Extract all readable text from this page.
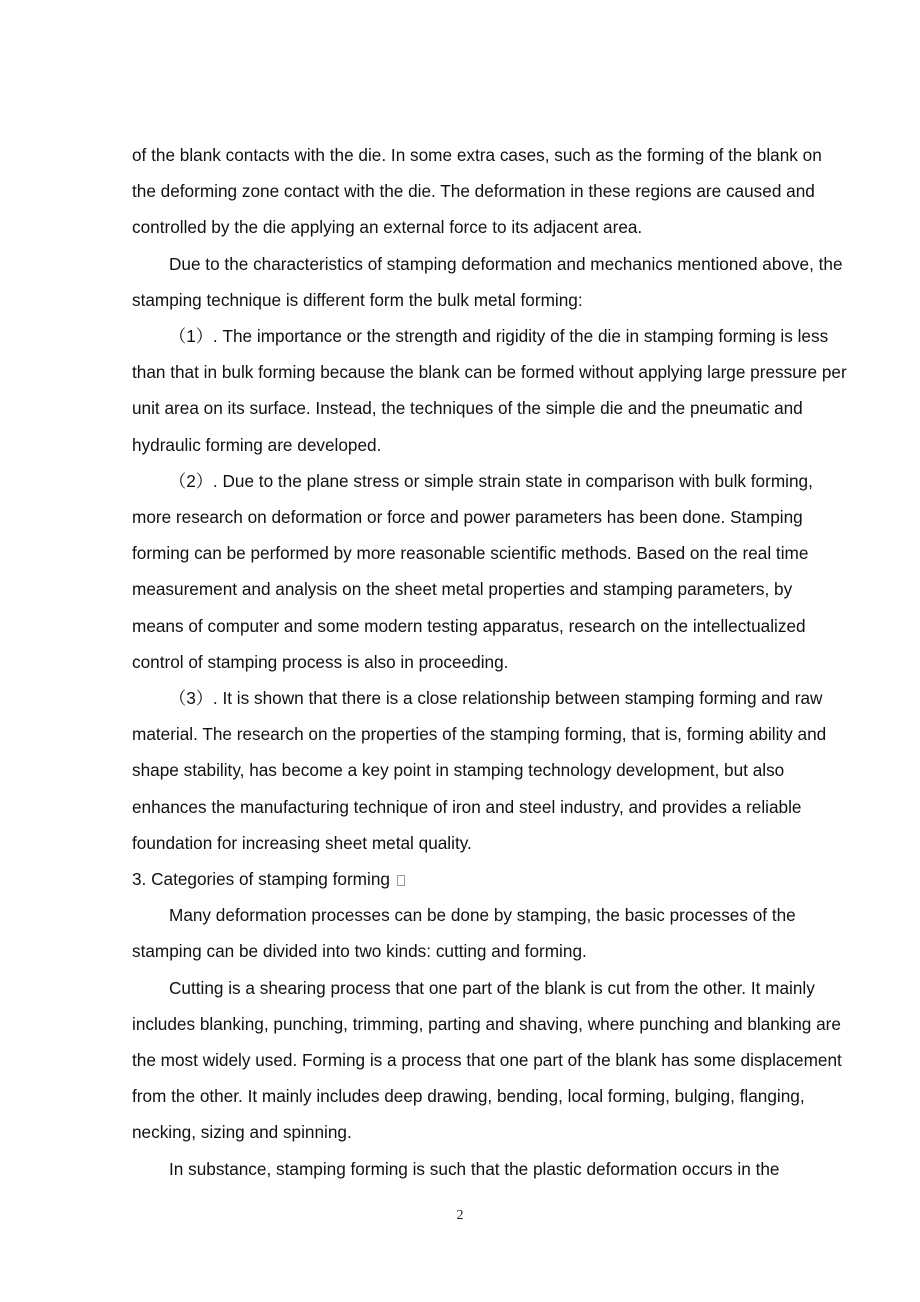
of the blank contacts with the die. In some extra cases, such as the forming of the blank on the deforming zone contact with the die. The deformation in these regions are caused and controlled by the die applying an external force to its adjacent area.

Due to the characteristics of stamping deformation and mechanics mentioned above, the stamping technique is different form the bulk metal forming:

（1）. The importance or the strength and rigidity of the die in stamping forming is less than that in bulk forming because the blank can be formed without applying large pressure per unit area on its surface. Instead, the techniques of the simple die and the pneumatic and hydraulic forming are developed.

（2）. Due to the plane stress or simple strain state in comparison with bulk forming, more research on deformation or force and power parameters has been done. Stamping forming can be performed by more reasonable scientific methods. Based on the real time measurement and analysis on the sheet metal properties and stamping parameters, by means of computer and some modern testing apparatus, research on the intellectualized control of stamping process is also in proceeding.

（3）. It is shown that there is a close relationship between stamping forming and raw material. The research on the properties of the stamping forming, that is, forming ability and shape stability, has become a key point in stamping technology development, but also enhances the manufacturing technique of iron and steel industry, and provides a reliable foundation for increasing sheet metal quality.

3. Categories of stamping forming

Many deformation processes can be done by stamping, the basic processes of the stamping can be divided into two kinds: cutting and forming.

Cutting is a shearing process that one part of the blank is cut from the other. It mainly includes blanking, punching, trimming, parting and shaving, where punching and blanking are the most widely used. Forming is a process that one part of the blank has some displacement from the other. It mainly includes deep drawing, bending, local forming, bulging, flanging, necking, sizing and spinning.

In substance, stamping forming is such that the plastic deformation occurs in the

2
